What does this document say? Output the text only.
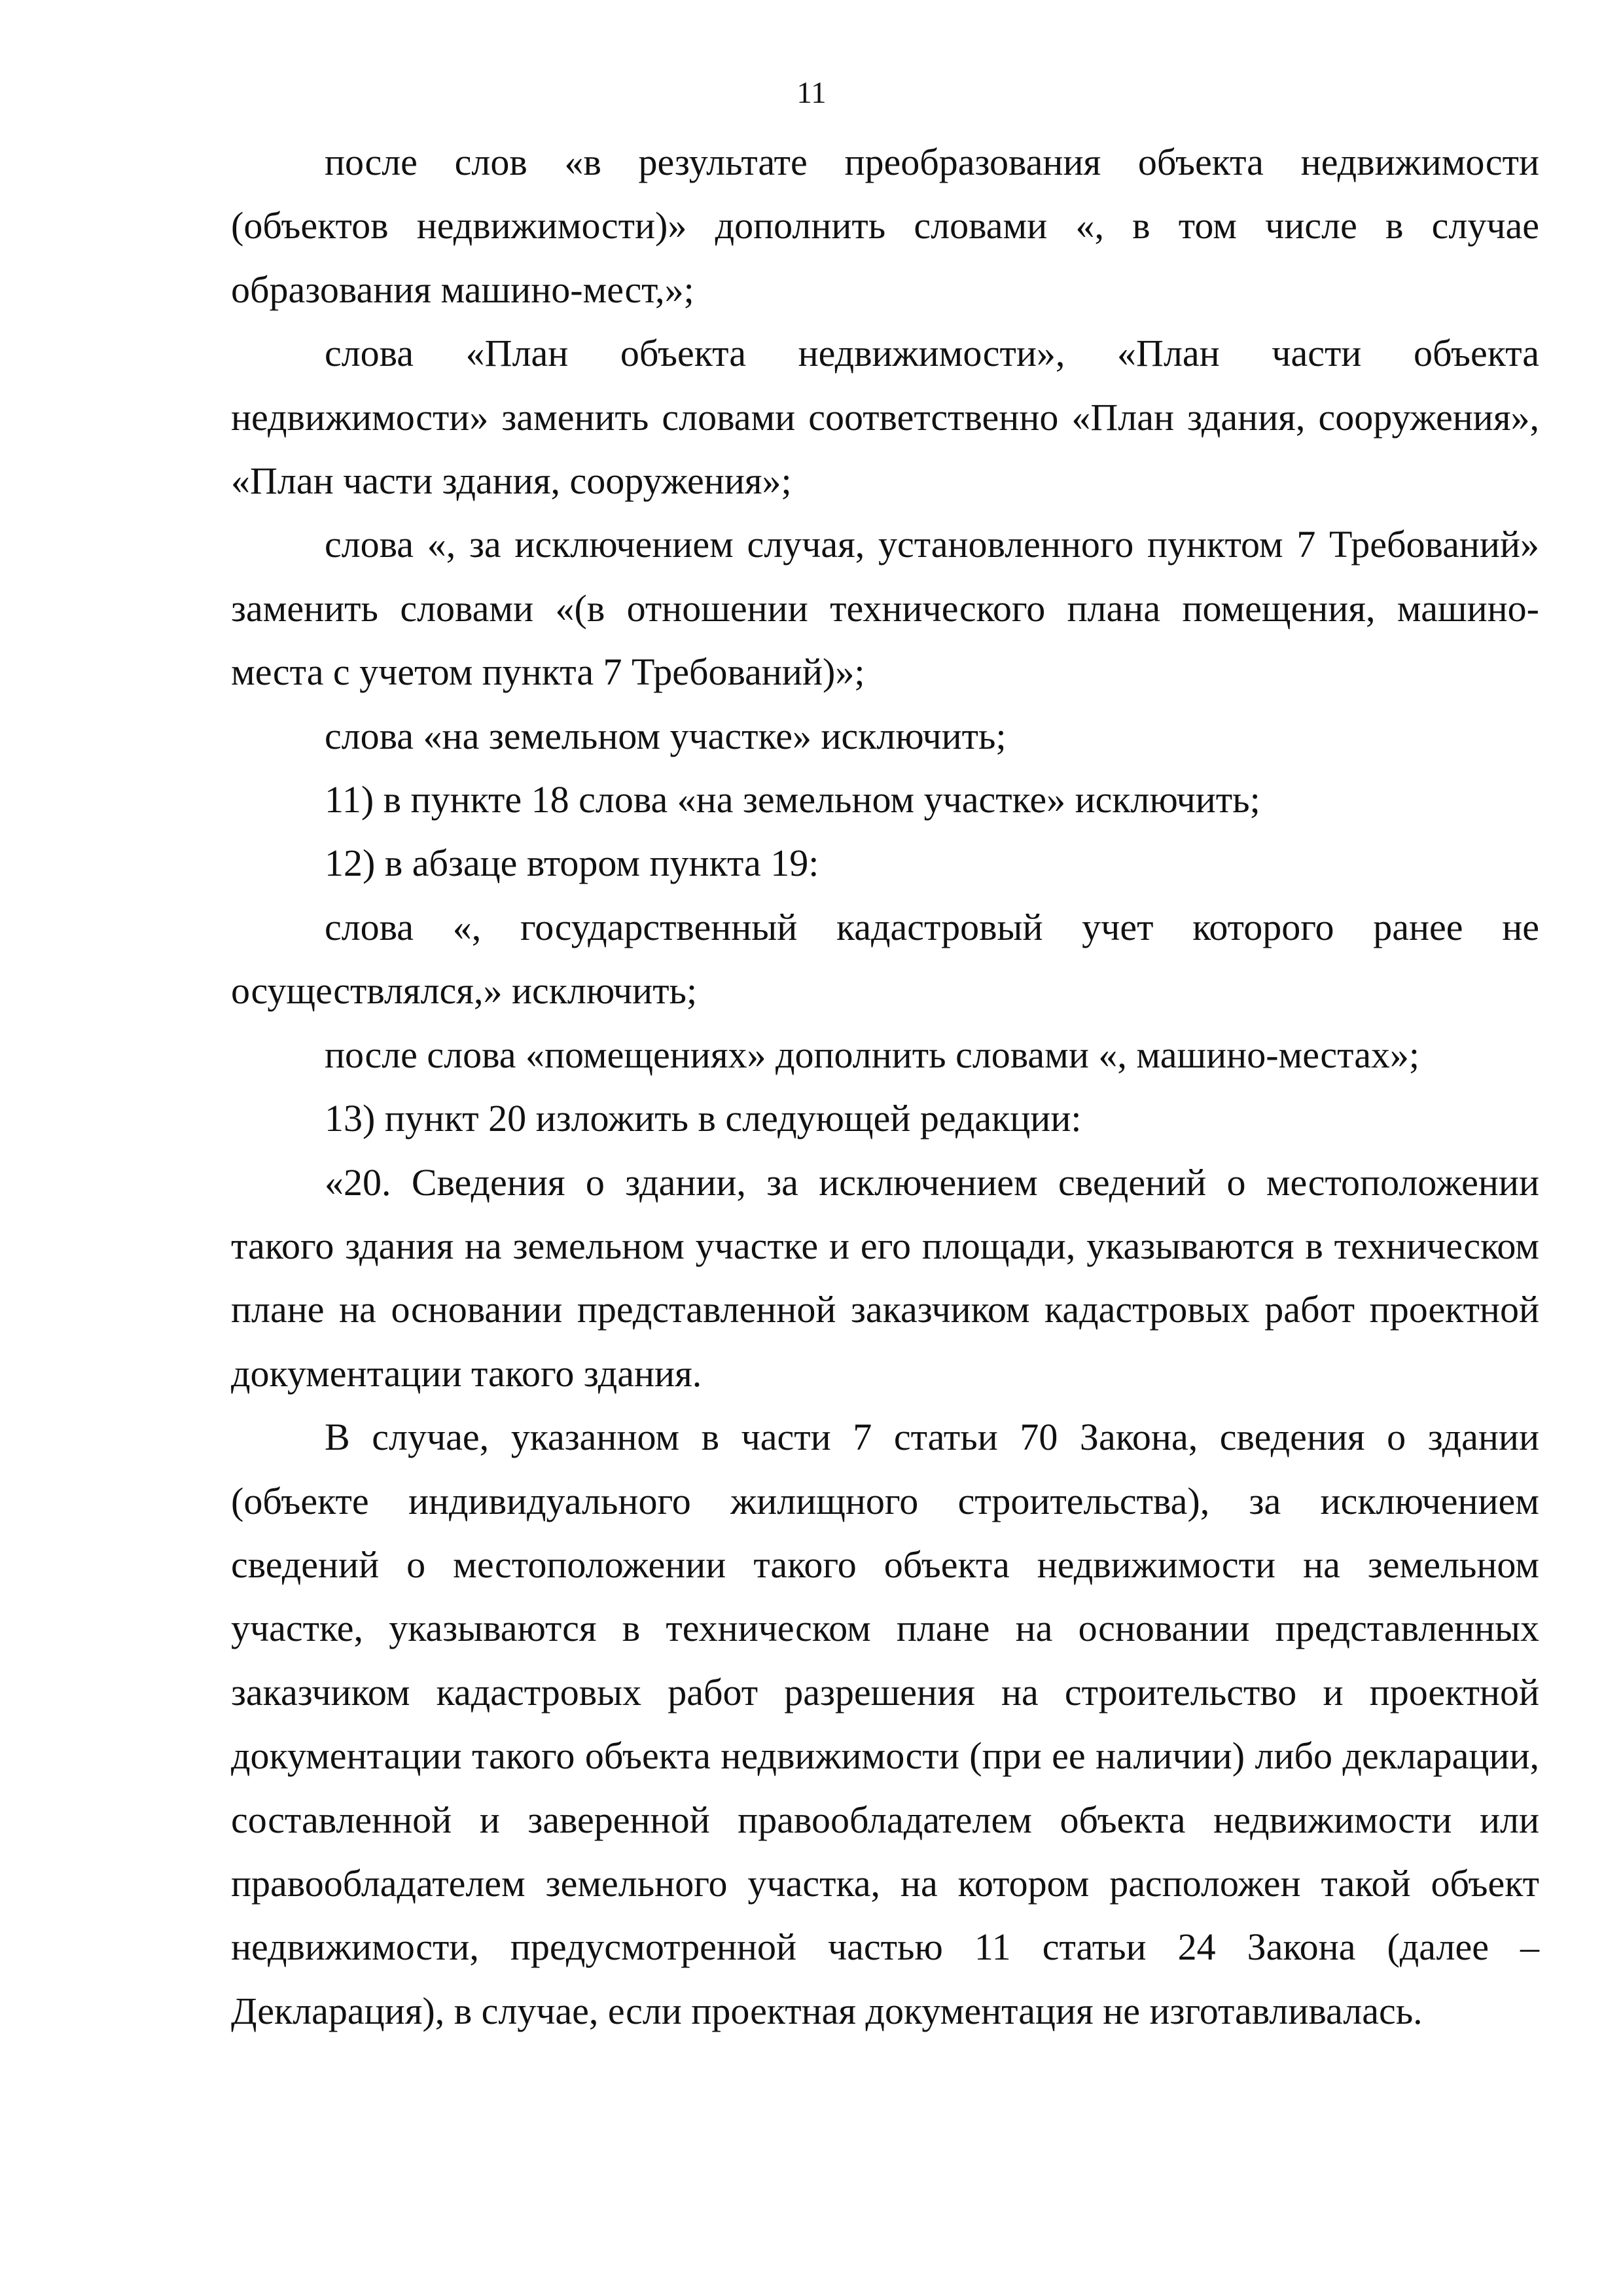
11

после слов «в результате преобразования объекта недвижимости (объектов недвижимости)» дополнить словами «, в том числе в случае образования машино-мест,»;

слова «План объекта недвижимости», «План части объекта недвижимости» заменить словами соответственно «План здания, сооружения», «План части здания, сооружения»;

слова «, за исключением случая, установленного пунктом 7 Требований» заменить словами «(в отношении технического плана помещения, машино-места с учетом пункта 7 Требований)»;

слова «на земельном участке» исключить;

11) в пункте 18 слова «на земельном участке» исключить;

12) в абзаце втором пункта 19:

слова «, государственный кадастровый учет которого ранее не осуществлялся,» исключить;

после слова «помещениях» дополнить словами «, машино-местах»;

13) пункт 20 изложить в следующей редакции:

«20. Сведения о здании, за исключением сведений о местоположении такого здания на земельном участке и его площади, указываются в техническом плане на основании представленной заказчиком кадастровых работ проектной документации такого здания.

В случае, указанном в части 7 статьи 70 Закона, сведения о здании (объекте индивидуального жилищного строительства), за исключением сведений о местоположении такого объекта недвижимости на земельном участке, указываются в техническом плане на основании представленных заказчиком кадастровых работ разрешения на строительство и проектной документации такого объекта недвижимости (при ее наличии) либо декларации, составленной и заверенной правообладателем объекта недвижимости или правообладателем земельного участка, на котором расположен такой объект недвижимости, предусмотренной частью 11 статьи 24 Закона (далее – Декларация), в случае, если проектная документация не изготавливалась.
